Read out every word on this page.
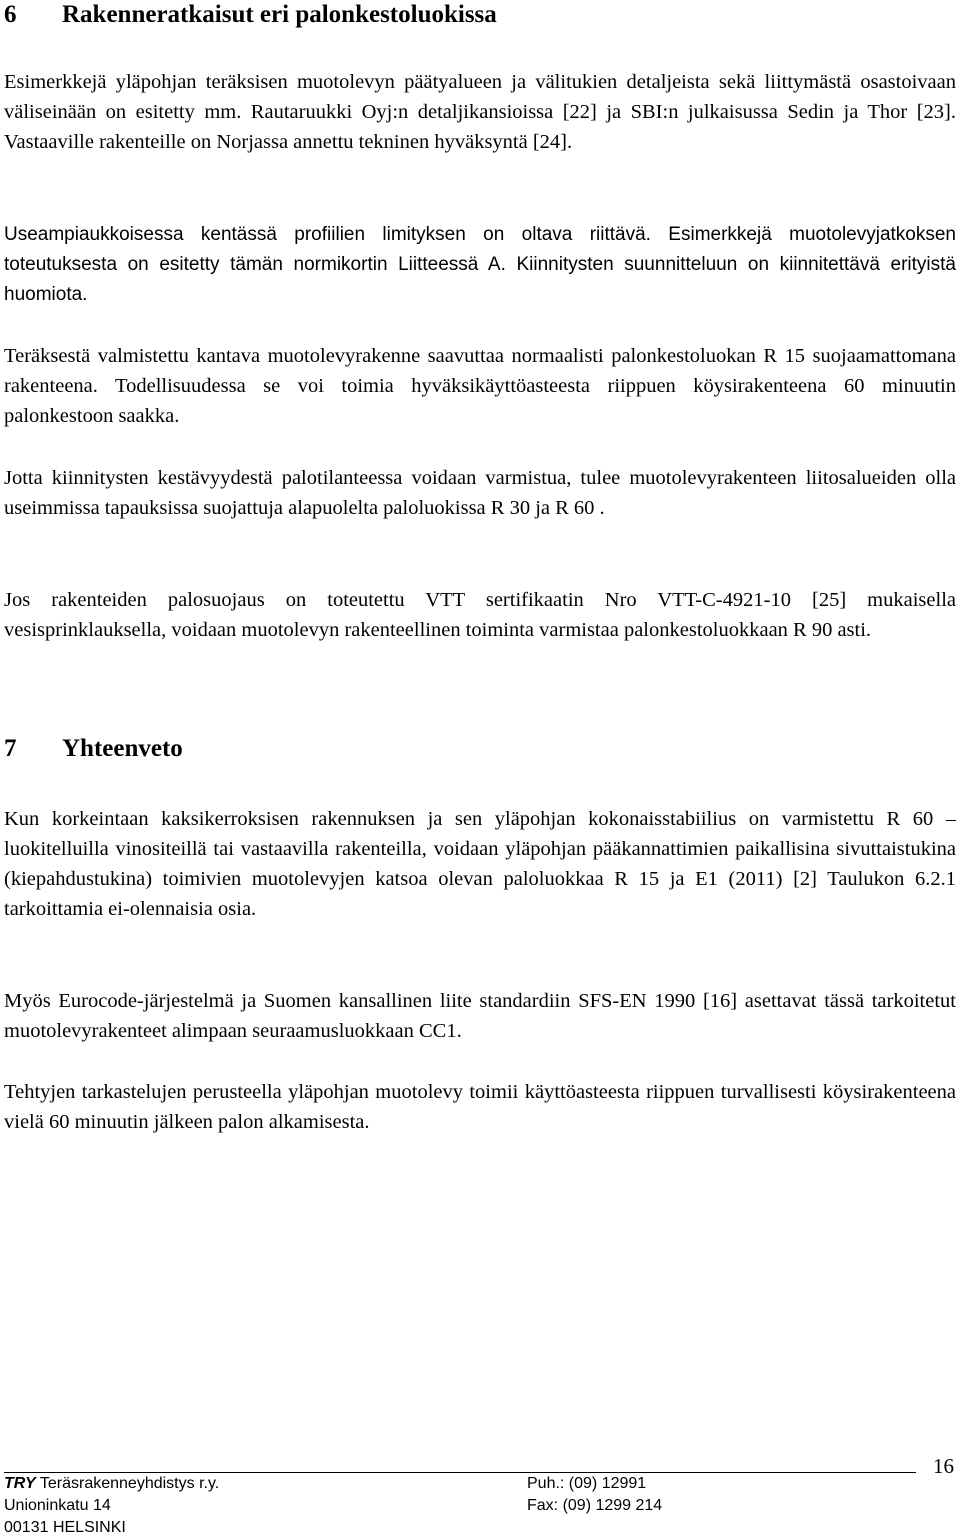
6 Rakenneratkaisut eri palonkestoluokissa

Esimerkkejä yläpohjan teräksisen muotolevyn päätyalueen ja välitukien detaljeista sekä liittymästä osastoivaan väliseinään on esitetty mm. Rautaruukki Oyj:n detaljikansioissa [22] ja SBI:n julkaisussa Sedin ja Thor [23]. Vastaaville rakenteille on Norjassa annettu tekninen hyväksyntä [24].

Useampiaukkoisessa kentässä profiilien limityksen on oltava riittävä. Esimerkkejä muotolevyjatkoksen toteutuksesta on esitetty tämän normikortin Liitteessä A. Kiinnitysten suunnitteluun on kiinnitettävä erityistä huomiota.

Teräksestä valmistettu kantava muotolevyrakenne saavuttaa normaalisti palonkestoluokan R 15 suojaamattomana rakenteena. Todellisuudessa se voi toimia hyväksikäyttöasteesta riippuen köysirakenteena 60 minuutin palonkestoon saakka.

Jotta kiinnitysten kestävyydestä palotilanteessa voidaan varmistua, tulee muotolevyrakenteen liitosalueiden olla useimmissa tapauksissa suojattuja alapuolelta paloluokissa R 30 ja R 60 .

Jos rakenteiden palosuojaus on toteutettu VTT sertifikaatin Nro VTT-C-4921-10 [25] mukaisella vesisprinklauksella, voidaan muotolevyn rakenteellinen toiminta varmistaa palonkestoluokkaan R 90 asti.

7 Yhteenveto

Kun korkeintaan kaksikerroksisen rakennuksen ja sen yläpohjan kokonaisstabiilius on varmistettu R 60 –luokitelluilla vinositeillä tai vastaavilla rakenteilla, voidaan yläpohjan pääkannattimien paikallisina sivuttaistukina (kiepahdustukina) toimivien muotolevyjen katsoa olevan paloluokkaa R 15 ja E1 (2011) [2] Taulukon 6.2.1 tarkoittamia ei-olennaisia osia.

Myös Eurocode-järjestelmä ja Suomen kansallinen liite standardiin SFS-EN 1990 [16] asettavat tässä tarkoitetut muotolevyrakenteet alimpaan seuraamusluokkaan CC1.

Tehtyjen tarkastelujen perusteella yläpohjan muotolevy toimii käyttöasteesta riippuen turvallisesti köysirakenteena vielä 60 minuutin jälkeen palon alkamisesta.

16
TRY Teräsrakenneyhdistys r.y.
Unioninkatu 14
00131 HELSINKI
Puh.: (09) 12991
Fax: (09) 1299 214
